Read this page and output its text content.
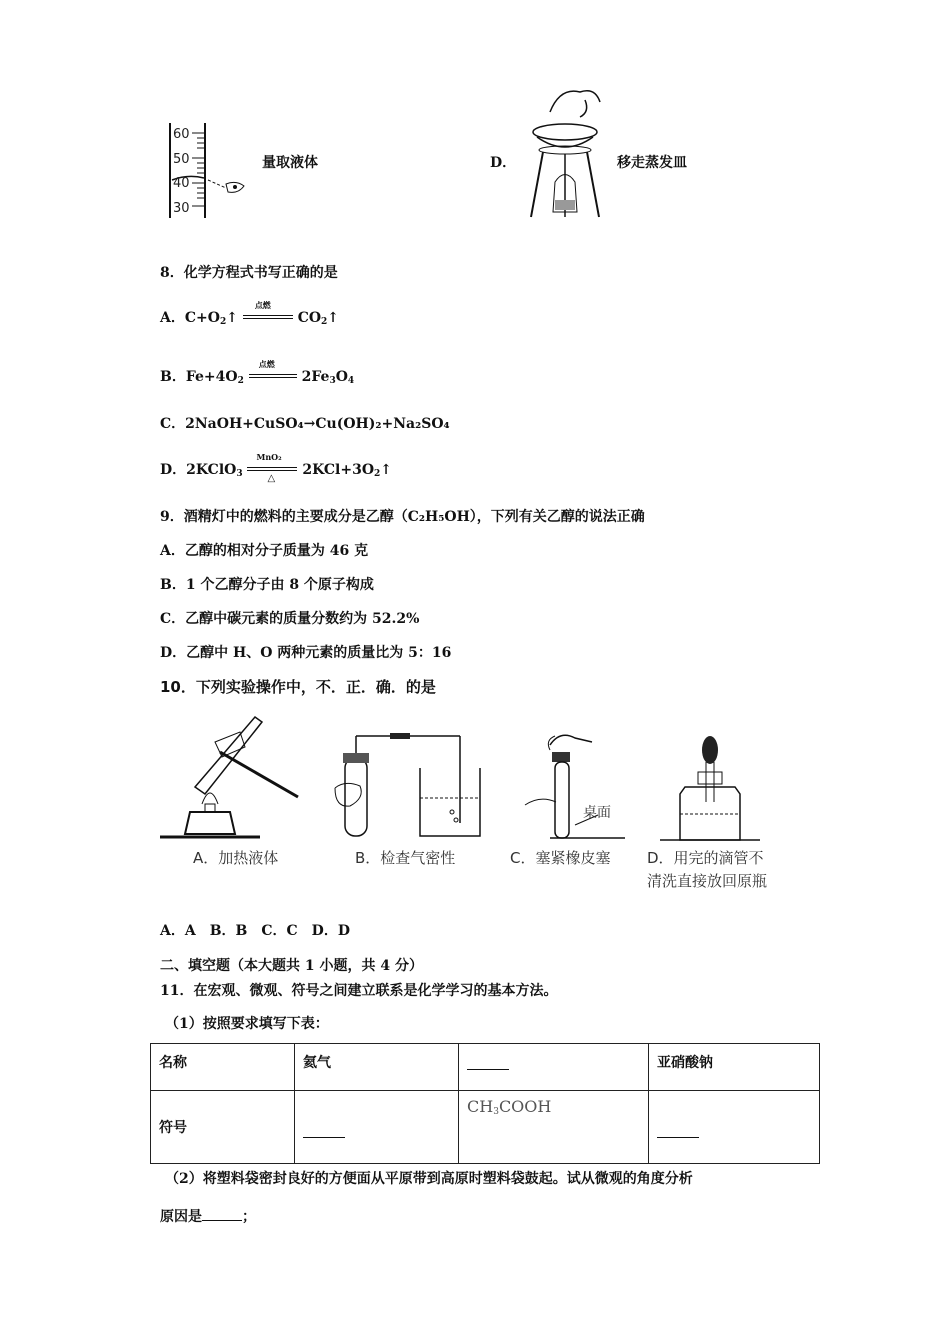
60
50
40
30
量取液体	D．	移走蒸发皿
8．化学方程式书写正确的是
A．$C+O_2↑$
点燃
$CO_2↑$
B．$Fe+4O_2$
点燃
$2Fe_3O_4$
C．2NaOH+CuSO₄→Cu(OH)₂+Na₂SO₄
D．2KClO$_3$
MnO₂
△
$2KCl+3O_2↑$
9．酒精灯中的燃料的主要成分是乙醇（C₂H₅OH），下列有关乙醇的说法正确
A．乙醇的相对分子质量为 46 克
B．1 个乙醇分子由 8 个原子构成
C．乙醇中碳元素的质量分数约为 52.2%
D．乙醇中 H、O 两种元素的质量比为 5：16
10．下列实验操作中，不．正．确．的是
桌面
A．加热液体	B．检查气密性	C．塞紧橡皮塞 D．用完的滴管不
清洗直接放回原瓶
A．A　B．B　C．C　D．D
二、填空题（本大题共 1 小题，共 4 分）
11．在宏观、微观、符号之间建立联系是化学学习的基本方法。
（1）按照要求填写下表：
名称	氦气		亚硝酸钠
符号		$CH_3COOH$	
（2）将塑料袋密封良好的方便面从平原带到高原时塑料袋鼓起。试从微观的角度分析
原因是	；
